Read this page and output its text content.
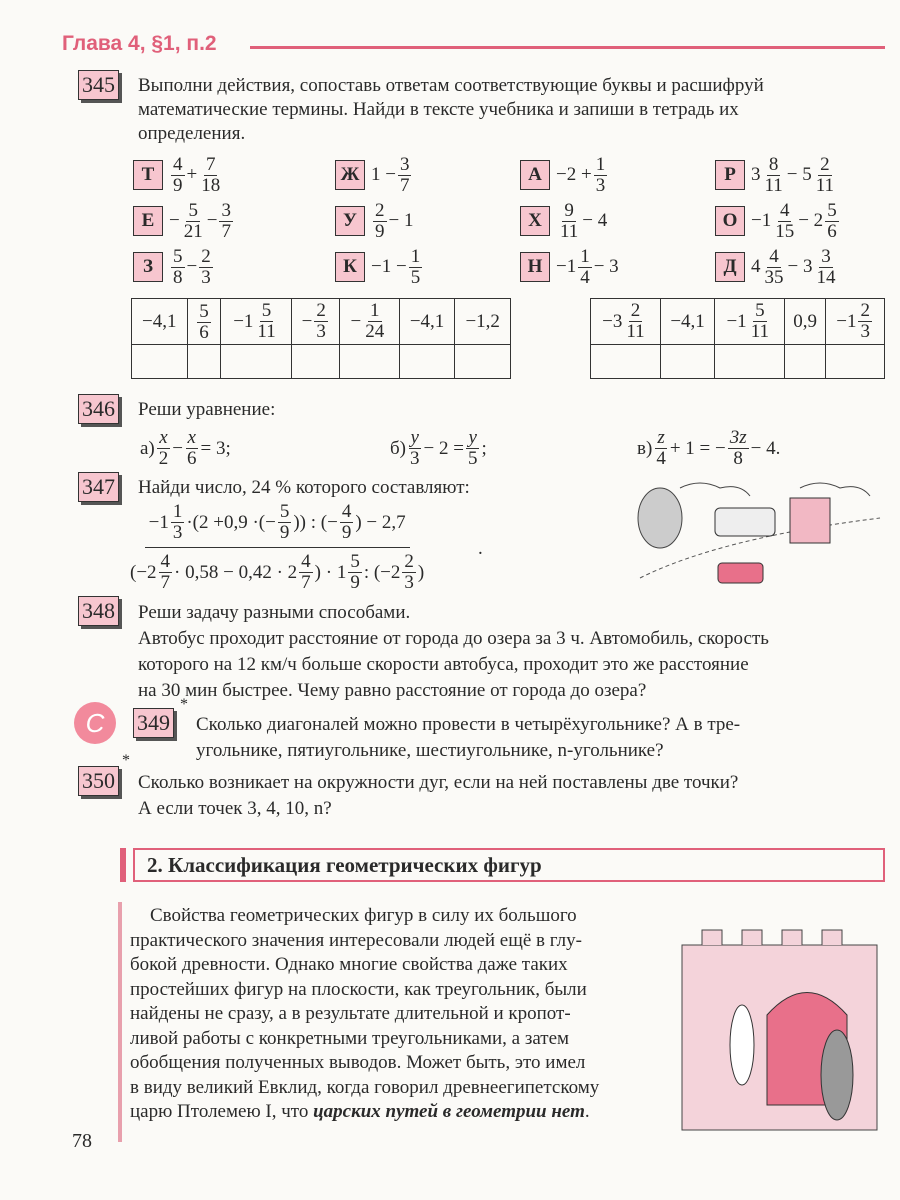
Глава 4, §1, п.2
345 Выполни действия, сопоставь ответам соответствующие буквы и расшифруй
математические термины. Найди в тексте учебника и запиши в тетрадь их
определения.
Т $\frac{4}{9} + \frac{7}{18}$	Ж $1 - \frac{3}{7}$	$А -2 + \frac{1}{3}$	Р $3 \frac{8}{11} - 5 \frac{2}{11}$
$Е - \frac{5}{21} - \frac{3}{7}$	У $\frac{2}{9} - 1$	Х $\frac{9}{11} - 4$	$О -1 \frac{4}{15} - 2 \frac{5}{6}$
З $\frac{5}{8} - \frac{2}{3}$	$К -1 - \frac{1}{5}$	$Н -1 \frac{1}{4} - 3$	Д $4 \frac{4}{35} - 3 \frac{3}{14}$
−4,1	$\frac{5}{6}$	$-1 \frac{5}{11}$	− $\frac{2}{3}$	− $\frac{1}{24}$	−4,1	−1,2

							$-3 \frac{2}{11}$	−4,1	$-1 \frac{5}{11}$	0,9	$-1 \frac{2}{3}$

346 Реши уравнение:
$а) \frac{x}{2} - \frac{x}{6} = 3$;	$б) \frac{y}{3} - 2 = \frac{y}{5}$ ;	$в) \frac{z}{4} + 1$ = − $\frac{3z}{8} - 4$.
347 Найди число, 24 % которого составляют:
$\frac{-1 \frac{1}{3} \cdot(2 +0,9 \cdot(- \frac{5}{9} )) : (- \frac{4}{9} ) - 2,7}{(-2 \frac{4}{7} \cdot 0,58 - 0,42 \cdot 2 \frac{4}{7} ) \cdot 1 \frac{5}{9} : (-2 \frac{2}{3} )}$	.
348 Реши задачу разными способами.
Автобус проходит расстояние от города до озера за 3 ч. Автомобиль, скорость
которого на 12 км/ч больше скорости автобуса, проходит это же расстояние
на 30 мин быстрее. Чему равно расстояние от города до озера?
С	349
*
Сколько диагоналей можно провести в четырёхугольнике? А в тре-
угольнике, пятиугольнике, шестиугольнике, n-угольнике?
350
*
Сколько возникает на окружности дуг, если на ней поставлены две точки?
А если точек 3, 4, 10, n?
2. Классификация геометрических фигур
Свойства геометрических фигур в силу их большого
практического значения интересовали людей ещё в глу-
бокой древности. Однако многие свойства даже таких
простейших фигур на плоскости, как треугольник, были
найдены не сразу, а в результате длительной и кропот-
ливой работы с конкретными треугольниками, а затем
обобщения полученных выводов. Может быть, это имел
в виду великий Евклид, когда говорил древнеегипетскому
царю Птолемею I, что царских путей в геометрии нет.
78
